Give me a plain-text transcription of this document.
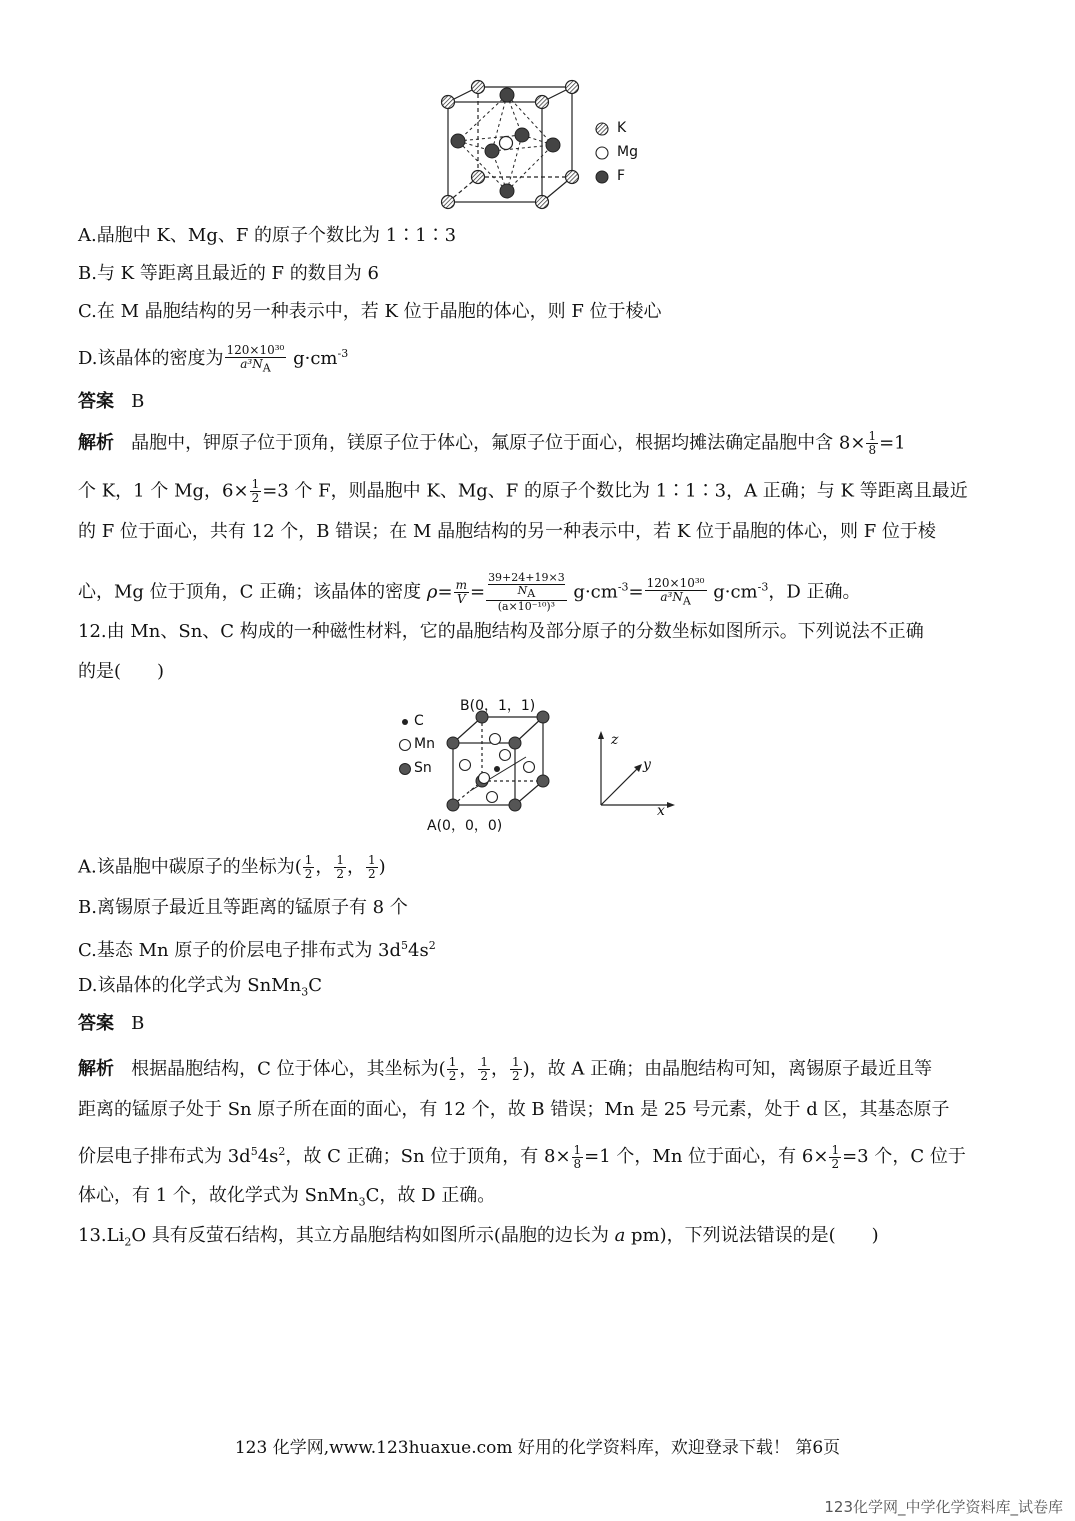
K
Mg
F
A.晶胞中 K、Mg、F 的原子个数比为 1∶1∶3
B.与 K 等距离且最近的 F 的数目为 6
C.在 M 晶胞结构的另一种表示中，若 K 位于晶胞的体心，则 F 位于棱心
D.该晶体的密度为 $\frac{\text{120×10³⁰}}{a^3N_A} g\cdot cm^{-3}$
答案 B
解析 晶胞中，钾原子位于顶角，镁原子位于体心，氟原子位于面心，根据均摊法确定晶胞中含 $8\times \frac{1}{8} =1$
个 K，1 个 Mg，$6\times \frac{1}{2} =3$ 个 F，则晶胞中 K、Mg、F 的原子个数比为 1∶1∶3，A 正确；与 K 等距离且最近
的 F 位于面心，共有 12 个，B 错误；在 M 晶胞结构的另一种表示中，若 K 位于晶胞的体心，则 F 位于棱
心，Mg 位于顶角，C 正确；该晶体的密度 $\rho= \frac{m}{V} = 39+24+19\times 3$
$N_A$
(a×10⁻¹⁰)³ $g\cdot cm^{-3}= \frac{\text{120×10³⁰}}{a^3N_A} g\cdot cm^{-3}$，D 正确。
12.由 Mn、Sn、C 构成的一种磁性材料，它的晶胞结构及部分原子的分数坐标如图所示。下列说法不正确
的是(　　)
C
Mn
Sn
B(0，1，1)
A(0，0，0)
z
y
x
A.该晶胞中碳原子的坐标为( $\frac{1}{2}$ ， $\frac{1}{2}$ ， $\frac{1}{2}$ )
B.离锡原子最近且等距离的锰原子有 8 个
C.基态 Mn 原子的价层电子排布式为 $3d^54s^2$
D.该晶体的化学式为 SnMn$_3$C
答案 B
解析 根据晶胞结构，C 位于体心，其坐标为( $\frac{1}{2}$ ， $\frac{1}{2}$ ， $\frac{1}{2}$ )，故 A 正确；由晶胞结构可知，离锡原子最近且等
距离的锰原子处于 Sn 原子所在面的面心，有 12 个，故 B 错误；Mn 是 25 号元素，处于 d 区，其基态原子
价层电子排布式为 $3d^54s^2$，故 C 正确；Sn 位于顶角，有 $8\times \frac{1}{8} =1$ 个，Mn 位于面心，有 $6\times \frac{1}{2} =3$ 个，C 位于
体心，有 1 个，故化学式为 SnMn$_3$C，故 D 正确。
$13.Li_2O$ 具有反萤石结构，其立方晶胞结构如图所示(晶胞的边长为 a pm)，下列说法错误的是(　　)
123 化学网,www.123huaxue.com 好用的化学资料库，欢迎登录下载！ 第6页
123化学网_中学化学资料库_试卷库
